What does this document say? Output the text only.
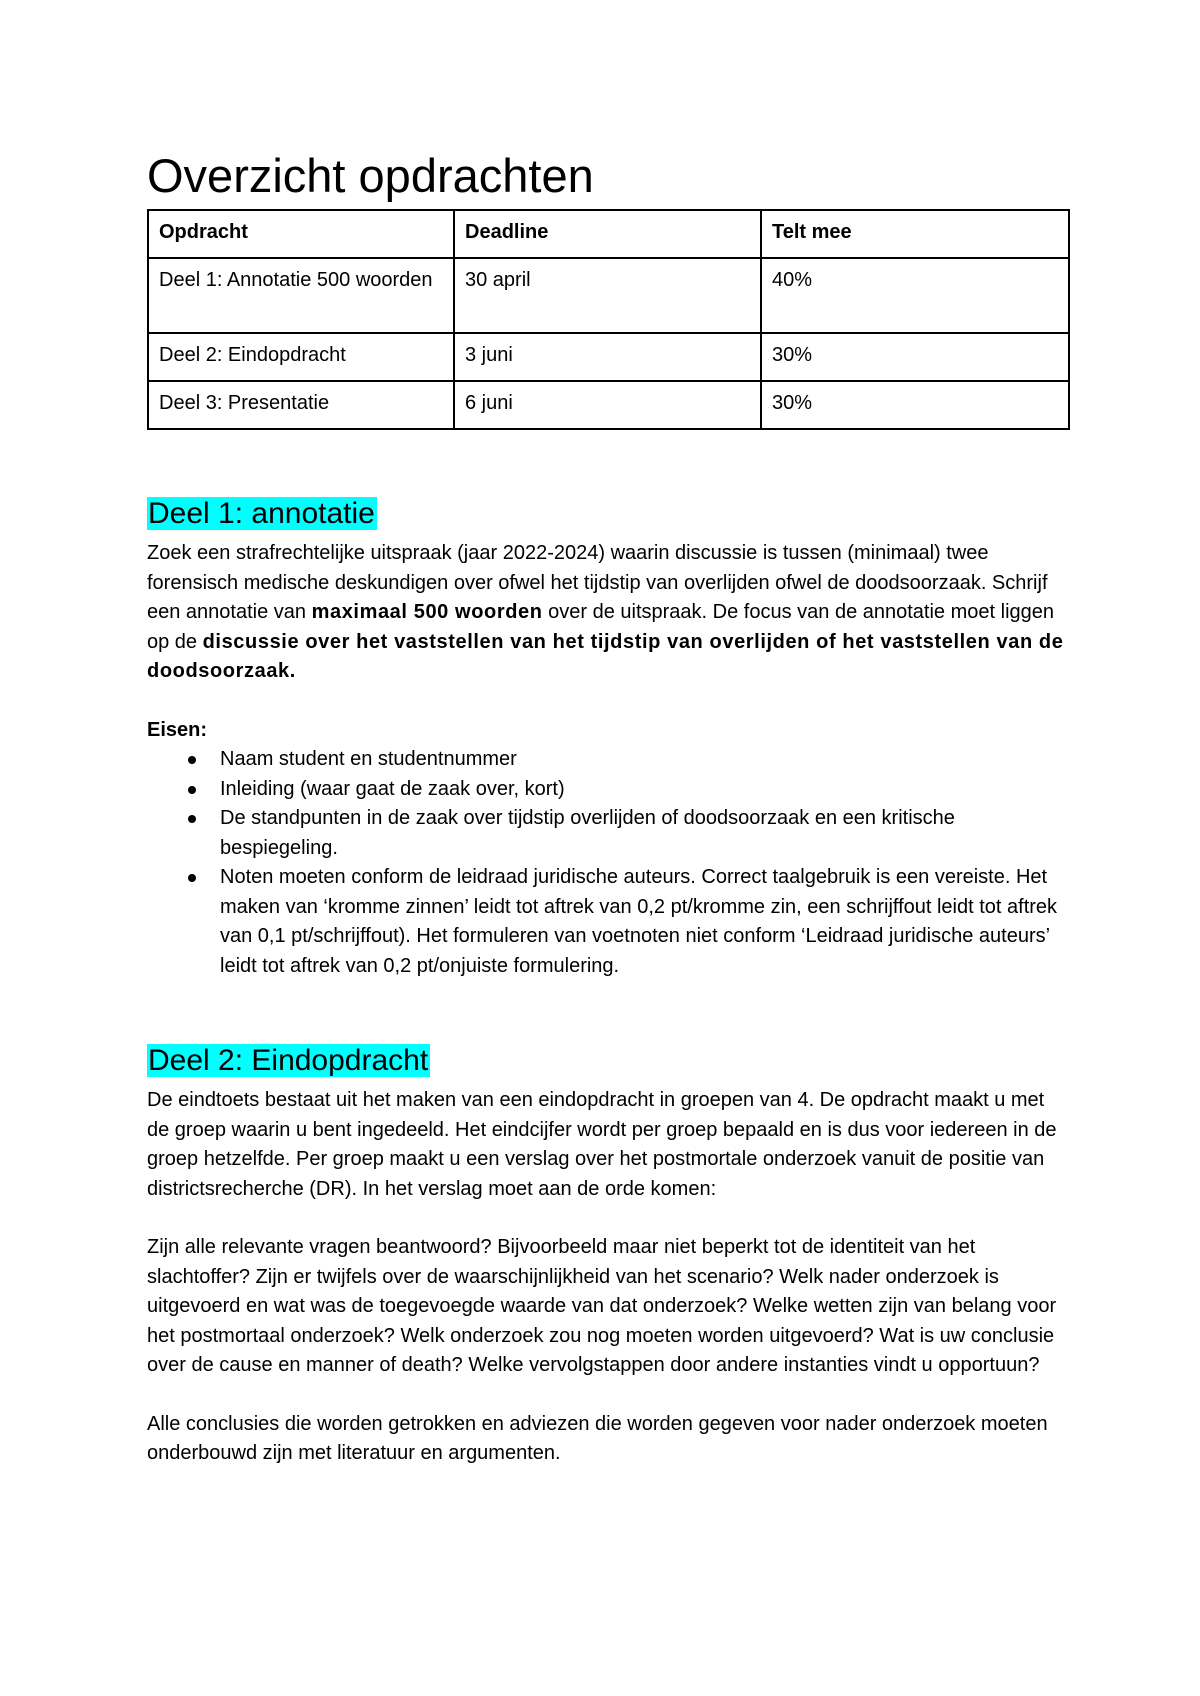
Overzicht opdrachten
Opdracht	Deadline	Telt mee
Deel 1: Annotatie 500 woorden	30 april	40%
Deel 2: Eindopdracht	3 juni	30%
Deel 3: Presentatie	6 juni	30%
Deel 1: annotatie

Zoek een strafrechtelijke uitspraak (jaar 2022-2024) waarin discussie is tussen (minimaal) twee forensisch medische deskundigen over ofwel het tijdstip van overlijden ofwel de doodsoorzaak. Schrijf een annotatie van maximaal 500 woorden over de uitspraak. De focus van de annotatie moet liggen op de discussie over het vaststellen van het tijdstip van overlijden of het vaststellen van de doodsoorzaak.

Eisen:
Naam student en studentnummer
Inleiding (waar gaat de zaak over, kort)
De standpunten in de zaak over tijdstip overlijden of doodsoorzaak en een kritische bespiegeling.
Noten moeten conform de leidraad juridische auteurs. Correct taalgebruik is een vereiste. Het maken van ‘kromme zinnen’ leidt tot aftrek van 0,2 pt/kromme zin, een schrijffout leidt tot aftrek van 0,1 pt/schrijffout). Het formuleren van voetnoten niet conform ‘Leidraad juridische auteurs’ leidt tot aftrek van 0,2 pt/onjuiste formulering.
Deel 2: Eindopdracht

De eindtoets bestaat uit het maken van een eindopdracht in groepen van 4. De opdracht maakt u met de groep waarin u bent ingedeeld. Het eindcijfer wordt per groep bepaald en is dus voor iedereen in de groep hetzelfde. Per groep maakt u een verslag over het postmortale onderzoek vanuit de positie van districtsrecherche (DR). In het verslag moet aan de orde komen:

Zijn alle relevante vragen beantwoord? Bijvoorbeeld maar niet beperkt tot de identiteit van het slachtoffer? Zijn er twijfels over de waarschijnlijkheid van het scenario? Welk nader onderzoek is uitgevoerd en wat was de toegevoegde waarde van dat onderzoek? Welke wetten zijn van belang voor het postmortaal onderzoek? Welk onderzoek zou nog moeten worden uitgevoerd? Wat is uw conclusie over de cause en manner of death? Welke vervolgstappen door andere instanties vindt u opportuun?

Alle conclusies die worden getrokken en adviezen die worden gegeven voor nader onderzoek moeten onderbouwd zijn met literatuur en argumenten.
